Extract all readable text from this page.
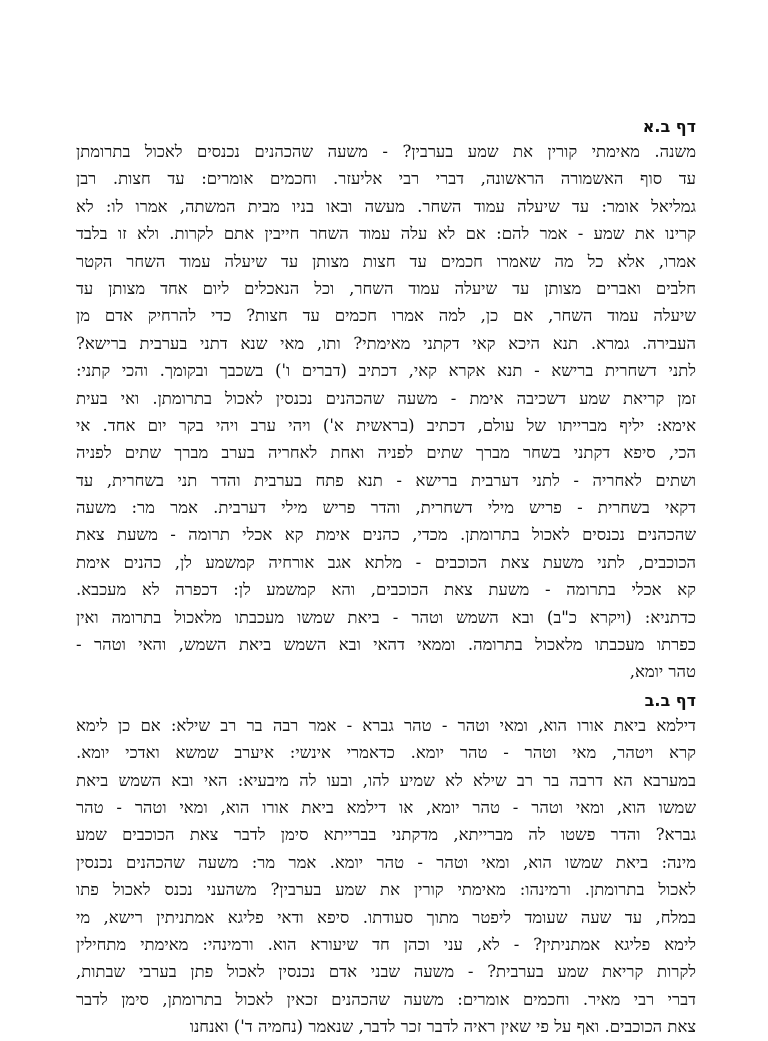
דף ב.א
משנה. מאימתי קורין את שמע בערבין? - משעה שהכהנים נכנסים לאכול בתרומתן
עד סוף האשמורה הראשונה, דברי רבי אליעזר. וחכמים אומרים: עד חצות. רבן
גמליאל אומר: עד שיעלה עמוד השחר. מעשה ובאו בניו מבית המשתה, אמרו לו: לא
קרינו את שמע - אמר להם: אם לא עלה עמוד השחר חייבין אתם לקרות. ולא זו בלבד
אמרו, אלא כל מה שאמרו חכמים עד חצות מצותן עד שיעלה עמוד השחר הקטר
חלבים ואברים מצותן עד שיעלה עמוד השחר, וכל הנאכלים ליום אחד מצותן עד
שיעלה עמוד השחר, אם כן, למה אמרו חכמים עד חצות? כדי להרחיק אדם מן
העבירה. גמרא. תנא היכא קאי דקתני מאימתי? ותו, מאי שנא דתני בערבית ברישא?
לתני דשחרית ברישא - תנא אקרא קאי, דכתיב (דברים ו') בשכבך ובקומך. והכי קתני:
זמן קריאת שמע דשכיבה אימת - משעה שהכהנים נכנסין לאכול בתרומתן. ואי בעית
אימא: יליף מברייתו של עולם, דכתיב (בראשית א') ויהי ערב ויהי בקר יום אחד. אי
הכי, סיפא דקתני בשחר מברך שתים לפניה ואחת לאחריה בערב מברך שתים לפניה
ושתים לאחריה - לתני דערבית ברישא - תנא פתח בערבית והדר תני בשחרית, עד
דקאי בשחרית - פריש מילי דשחרית, והדר פריש מילי דערבית. אמר מר: משעה
שהכהנים נכנסים לאכול בתרומתן. מכדי, כהנים אימת קא אכלי תרומה - משעת צאת
הכוכבים, לתני משעת צאת הכוכבים - מלתא אגב אורחיה קמשמע לן, כהנים אימת
קא אכלי בתרומה - משעת צאת הכוכבים, והא קמשמע לן: דכפרה לא מעכבא.
כדתניא: (ויקרא כ"ב) ובא השמש וטהר - ביאת שמשו מעכבתו מלאכול בתרומה ואין
כפרתו מעכבתו מלאכול בתרומה. וממאי דהאי ובא השמש ביאת השמש, והאי וטהר -
טהר יומא,
דף ב.ב
דילמא ביאת אורו הוא, ומאי וטהר - טהר גברא - אמר רבה בר רב שילא: אם כן לימא
קרא ויטהר, מאי וטהר - טהר יומא. כדאמרי אינשי: איערב שמשא ואדכי יומא.
במערבא הא דרבה בר רב שילא לא שמיע להו, ובעו לה מיבעיא: האי ובא השמש ביאת
שמשו הוא, ומאי וטהר - טהר יומא, או דילמא ביאת אורו הוא, ומאי וטהר - טהר
גברא? והדר פשטו לה מברייתא, מדקתני בברייתא סימן לדבר צאת הכוכבים שמע
מינה: ביאת שמשו הוא, ומאי וטהר - טהר יומא. אמר מר: משעה שהכהנים נכנסין
לאכול בתרומתן. ורמינהו: מאימתי קורין את שמע בערבין? משהעני נכנס לאכול פתו
במלח, עד שעה שעומד ליפטר מתוך סעודתו. סיפא ודאי פליגא אמתניתין רישא, מי
לימא פליגא אמתניתין? - לא, עני וכהן חד שיעורא הוא. ורמינהי: מאימתי מתחילין
לקרות קריאת שמע בערבית? - משעה שבני אדם נכנסין לאכול פתן בערבי שבתות,
דברי רבי מאיר. וחכמים אומרים: משעה שהכהנים זכאין לאכול בתרומתן, סימן לדבר
צאת הכוכבים. ואף על פי שאין ראיה לדבר זכר לדבר, שנאמר (נחמיה ד') ואנחנו
